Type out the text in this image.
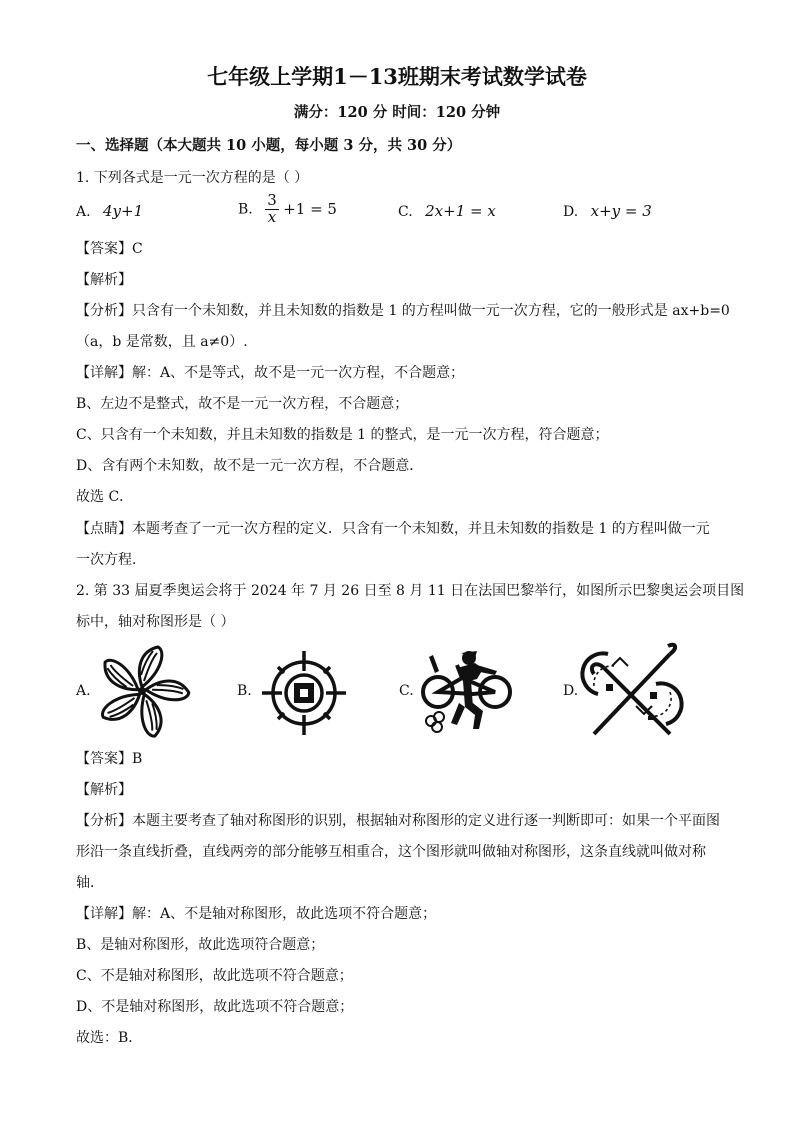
七年级上学期1－13班期末考试数学试卷
满分：120 分 时间：120 分钟
一、选择题（本大题共 10 小题，每小题 3 分，共 30 分）
1. 下列各式是一元一次方程的是（ ）
A. 4y+1	B. $\frac{3}{x} +1 = 5$	C. 2x+1 = x	D. x+y = 3
【答案】C
【解析】
【分析】只含有一个未知数，并且未知数的指数是 1 的方程叫做一元一次方程，它的一般形式是 ax+b=0
（a，b 是常数，且 a≠0）.
【详解】解：A、不是等式，故不是一元一次方程，不合题意；
B、左边不是整式，故不是一元一次方程，不合题意；
C、只含有一个未知数，并且未知数的指数是 1 的整式，是一元一次方程，符合题意；
D、含有两个未知数，故不是一元一次方程，不合题意．
故选 C．
【点睛】本题考查了一元一次方程的定义．只含有一个未知数，并且未知数的指数是 1 的方程叫做一元
一次方程．
2. 第 33 届夏季奥运会将于 2024 年 7 月 26 日至 8 月 11 日在法国巴黎举行，如图所示巴黎奥运会项目图
标中，轴对称图形是（ ）
A.	B.	C.	D.
【答案】B
【解析】
【分析】本题主要考查了轴对称图形的识别，根据轴对称图形的定义进行逐一判断即可：如果一个平面图
形沿一条直线折叠，直线两旁的部分能够互相重合，这个图形就叫做轴对称图形，这条直线就叫做对称
轴．
【详解】解：A、不是轴对称图形，故此选项不符合题意；
B、是轴对称图形，故此选项符合题意；
C、不是轴对称图形，故此选项不符合题意；
D、不是轴对称图形，故此选项不符合题意；
故选：B．
